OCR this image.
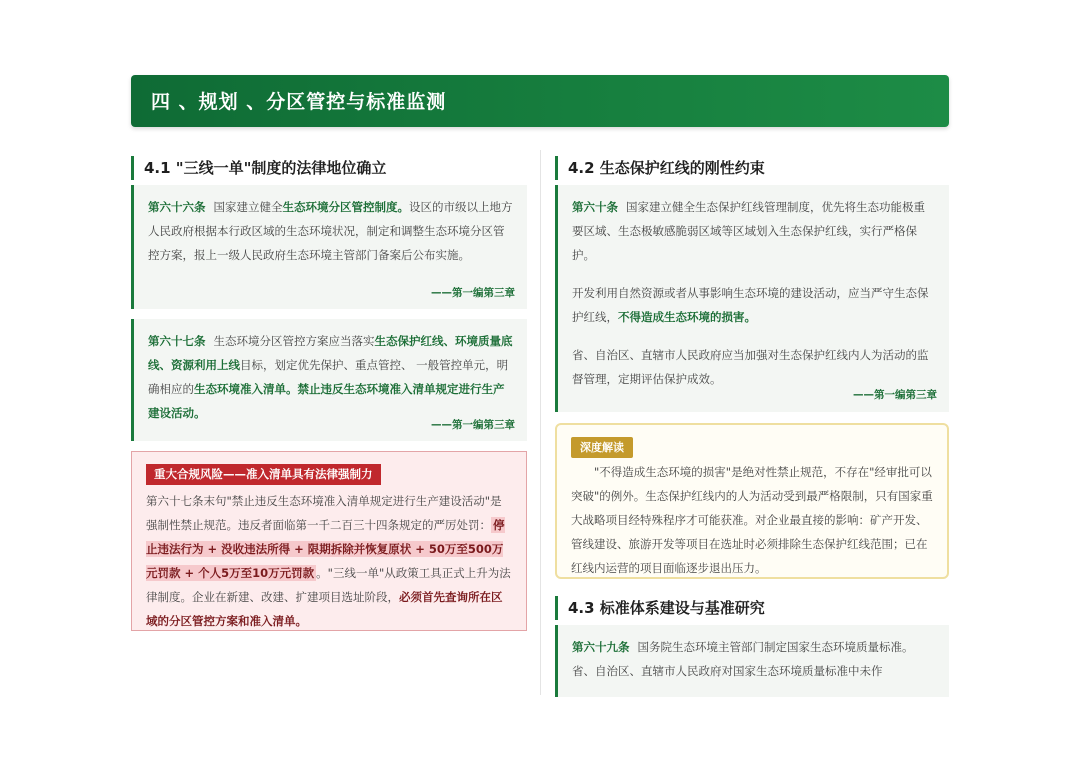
四 、规划 、分区管控与标准监测
4.1 "三线一单"制度的法律地位确立

第六十六条 国家建立健全生态环境分区管控制度。设区的市级以上地方人民政府根据本行政区域的生态环境状况，制定和调整生态环境分区管控方案，报上一级人民政府生态环境主管部门备案后公布实施。

——第一编第三章

第六十七条 生态环境分区管控方案应当落实生态保护红线、环境质量底线、资源利用上线目标，划定优先保护、重点管控、 一般管控单元，明确相应的生态环境准入清单。禁止违反生态环境准入清单规定进行生产建设活动。

——第一编第三章
重大合规风险——准入清单具有法律强制力

第六十七条末句"禁止违反生态环境准入清单规定进行生产建设活动"是强制性禁止规范。违反者面临第一千二百三十四条规定的严厉处罚： 停止违法行为 + 没收违法所得 + 限期拆除并恢复原状 + 50万至500万元罚款 + 个人5万至10万元罚款 。"三线一单"从政策工具正式上升为法律制度。企业在新建、改建、扩建项目选址阶段，必须首先查询所在区域的分区管控方案和准入清单。

4.2 生态保护红线的刚性约束

第六十条 国家建立健全生态保护红线管理制度，优先将生态功能极重要区域、生态极敏感脆弱区域等区域划入生态保护红线，实行严格保护。

开发利用自然资源或者从事影响生态环境的建设活动，应当严守生态保护红线，不得造成生态环境的损害。

省、自治区、直辖市人民政府应当加强对生态保护红线内人为活动的监督管理，定期评估保护成效。

——第一编第三章
深度解读

"不得造成生态环境的损害"是绝对性禁止规范，不存在"经审批可以突破"的例外。生态保护红线内的人为活动受到最严格限制，只有国家重大战略项目经特殊程序才可能获准。对企业最直接的影响：矿产开发、管线建设、旅游开发等项目在选址时必须排除生态保护红线范围；已在红线内运营的项目面临逐步退出压力。

4.3 标准体系建设与基准研究

第六十九条 国务院生态环境主管部门制定国家生态环境质量标准。省、自治区、直辖市人民政府对国家生态环境质量标准中未作
